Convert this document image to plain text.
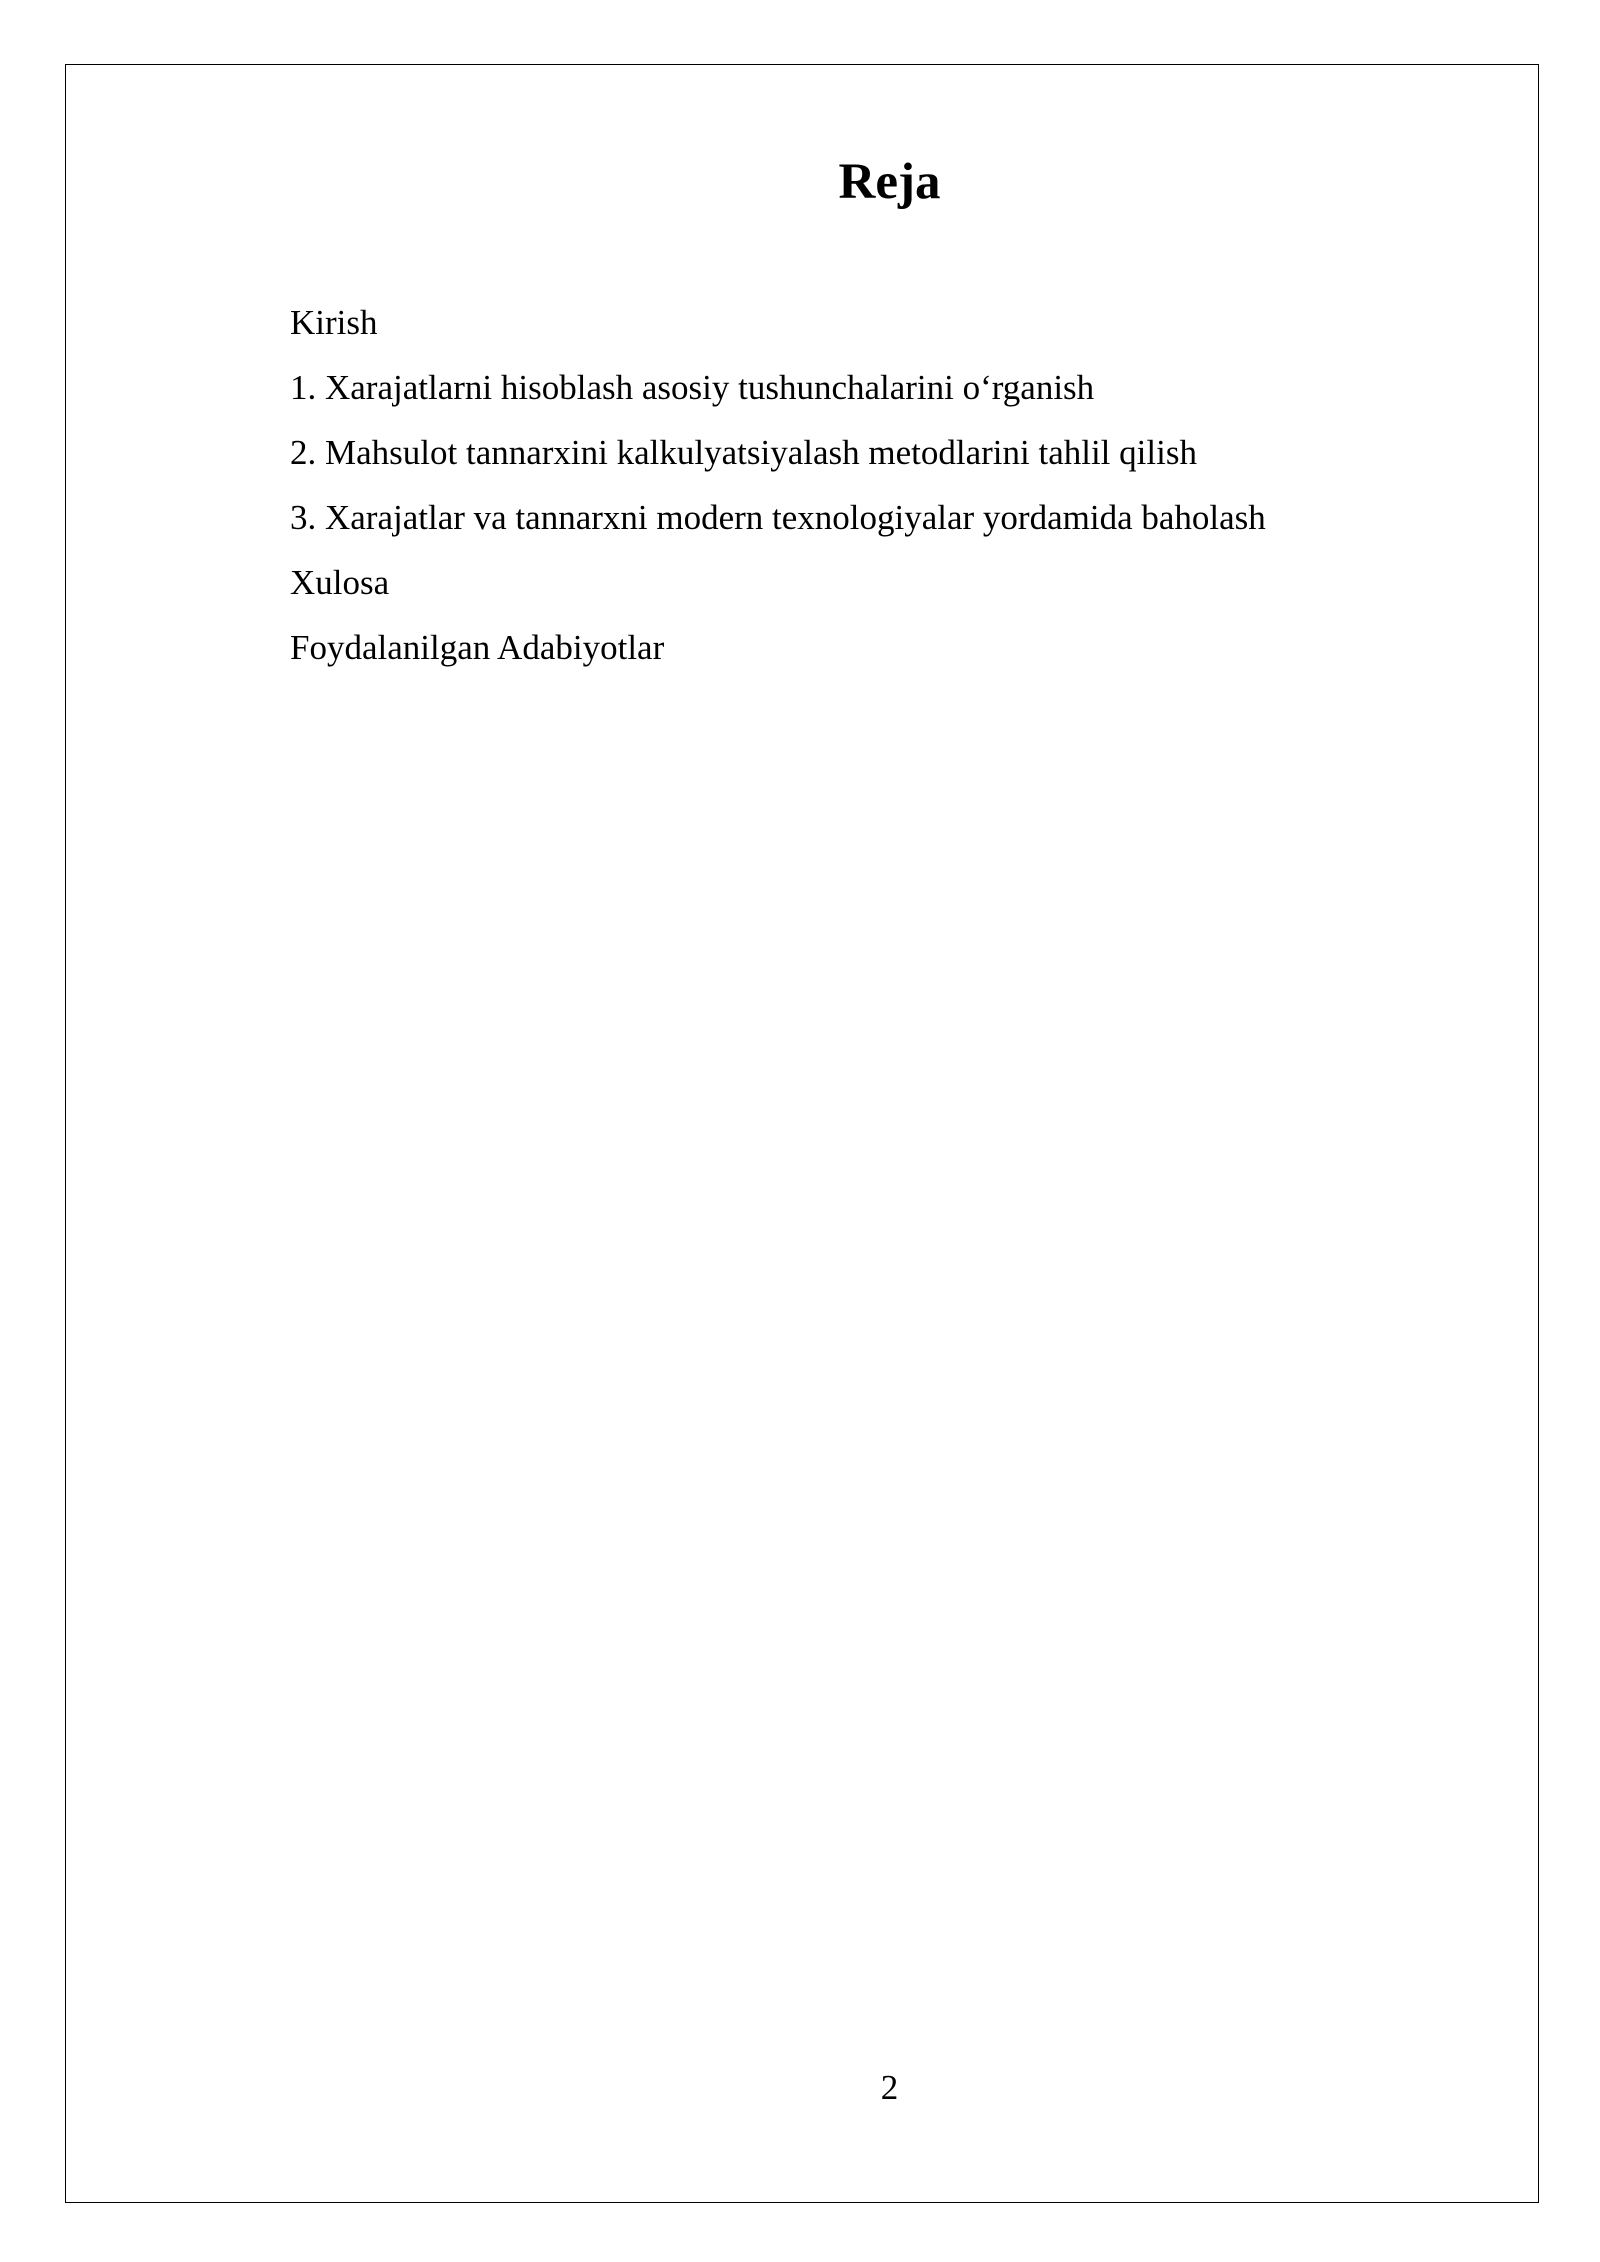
Reja
Kirish
1. Xarajatlarni hisoblash asosiy tushunchalarini o‘rganish
2. Mahsulot tannarxini kalkulyatsiyalash metodlarini tahlil qilish
3. Xarajatlar va tannarxni modern texnologiyalar yordamida baholash
Xulosa
Foydalanilgan Adabiyotlar
2
